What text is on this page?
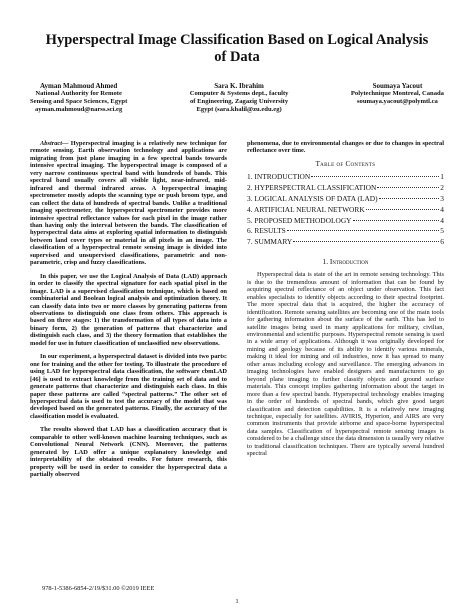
Hyperspectral Image Classification Based on Logical Analysis of Data
Ayman Mahmoud Ahmed
National Authority for Remote
Sensing and Space Sciences, Egypt
ayman.mahmoud@narss.sci.eg
Sara K. Ibrahim
Computer & Systems dept., faculty
of Engineering, Zagazig University
Egypt (sara.khalil@zu.edu.eg)
Soumaya Yacout
Polytechnique Montreal, Canada
soumaya.yacout@polymtl.ca

Abstract— Hyperspectral imaging is a relatively new technique for remote sensing. Earth observation technology and applications are migrating from just plane imaging in a few spectral bands towards intensive spectral imaging. The hyperspectral image is composed of a very narrow continuous spectral band with hundreds of bands. This spectral band usually covers all visible light, near-infrared, mid-infrared and thermal infrared areas. A hyperspectral imaging spectrometer mostly adopts the scanning type or push broom type, and can collect the data of hundreds of spectral bands. Unlike a traditional imaging spectrometer, the hyperspectral spectrometer provides more intensive spectral reflectance values for each pixel in the image rather than having only the interval between the bands. The classification of hyperspectral data aims at exploring spatial information to distinguish between land cover types or material in all pixels in an image. The classification of a hyperspectral remote sensing image is divided into supervised and unsupervised classifications, parametric and non-parametric, crisp and fuzzy classifications.

In this paper, we use the Logical Analysis of Data (LAD) approach in order to classify the spectral signature for each spatial pixel in the image. LAD is a supervised classification technique, which is based on combinatorial and Boolean logical analysis and optimization theory. It can classify data into two or more classes by generating patterns from observations to distinguish one class from others. This approach is based on three stages: 1) the transformation of all types of data into a binary form, 2) the generation of patterns that characterize and distinguish each class, and 3) the theory formation that establishes the model for use in future classification of unclassified new observations.

In our experiment, a hyperspectral dataset is divided into two parts: one for training and the other for testing. To illustrate the procedure of using LAD for hyperspectral data classification, the software cbmLAD [46] is used to extract knowledge from the training set of data and to generate patterns that characterize and distinguish each class. In this paper these patterns are called “spectral patterns.” The other set of hyperspectral data is used to test the accuracy of the model that was developed based on the generated patterns. Finally, the accuracy of the classification model is evaluated.

The results showed that LAD has a classification accuracy that is comparable to other well-known machine learning techniques, such as Convolutional Neural Network (CNN). Moreover, the patterns generated by LAD offer a unique explanatory knowledge and interpretability of the obtained results. For future research, this property will be used in order to consider the hyperspectral data a partially observed

phenomena, due to environmental changes or due to changes in spectral reflectance over time.

Table of Contents
1. INTRODUCTION	1
2. HYPERSPECTRAL CLASSIFICATION	2
3. LOGICAL ANALYSIS OF DATA (LAD)	3
4. ARTIFICIAL NEURAL NETWORK	4
5. PROPOSED METHODOLOGY	4
6. RESULTS	5
7. SUMMARY	6
1. Introduction

Hyperspectral data is state of the art in remote sensing technology. This is due to the tremendous amount of information that can be found by acquiring spectral reflectance of an object under observation. This fact enables specialists to identify objects according to their spectral footprint. The more spectral data that is acquired, the higher the accuracy of identification. Remote sensing satellites are becoming one of the main tools for gathering information about the surface of the earth. This has led to satellite images being used in many applications for military, civilian, environmental and scientific purposes. Hyperspectral remote sensing is used in a wide array of applications. Although it was originally developed for mining and geology because of its ability to identify various minerals, making it ideal for mining and oil industries, now it has spread to many other areas including ecology and surveillance. The emerging advances in imaging technologies have enabled designers and manufacturers to go beyond plane imaging to further classify objects and ground surface materials. This concept implies gathering information about the target in more than a few spectral bands. Hyperspectral technology enables imaging in the order of hundreds of spectral bands, which give good target classification and detection capabilities. It is a relatively new imaging technique, especially for satellites. AVIRIS, Hyperion, and AIRS are very common instruments that provide airborne and space-borne hyperspectral data samples. Classification of hyperspectral remote sensing images is considered to be a challenge since the data dimension is usually very relative to traditional classification techniques. There are typically several hundred spectral

978-1-5386-6854-2/19/$31.00 ©2019 IEEE
1
